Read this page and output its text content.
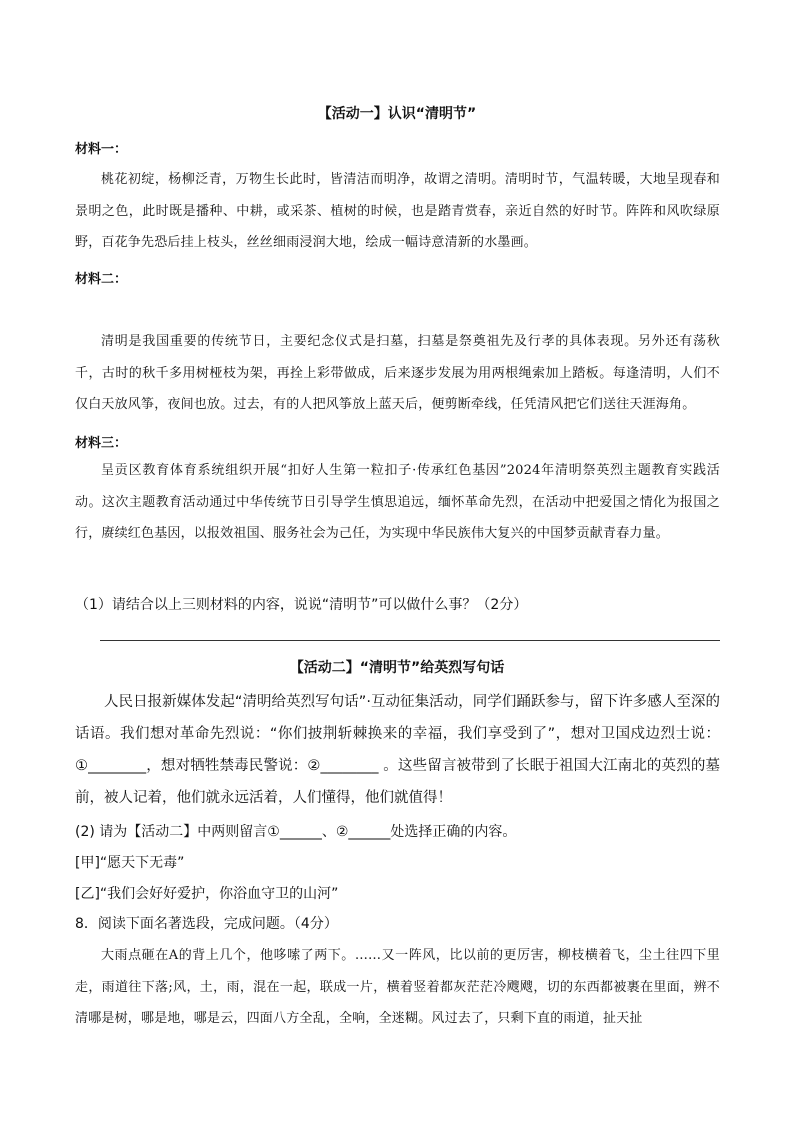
【活动一】认识“清明节”
材料一：

桃花初绽，杨柳泛青，万物生长此时，皆清洁而明净，故谓之清明。清明时节，气温转暖，大地呈现春和景明之色，此时既是播种、中耕，或采茶、植树的时候，也是踏青赏春，亲近自然的好时节。阵阵和风吹绿原野，百花争先恐后挂上枝头，丝丝细雨浸润大地，绘成一幅诗意清新的水墨画。

材料二：

清明是我国重要的传统节日，主要纪念仪式是扫墓，扫墓是祭奠祖先及行孝的具体表现。另外还有荡秋千，古时的秋千多用树桠枝为架，再拴上彩带做成，后来逐步发展为用两根绳索加上踏板。每逢清明，人们不仅白天放风筝，夜间也放。过去，有的人把风筝放上蓝天后，便剪断牵线，任凭清风把它们送往天涯海角。

材料三：

呈贡区教育体育系统组织开展“扣好人生第一粒扣子·传承红色基因”2024年清明祭英烈主题教育实践活动。这次主题教育活动通过中华传统节日引导学生慎思追远，缅怀革命先烈，在活动中把爱国之情化为报国之行，赓续红色基因，以报效祖国、服务社会为己任，为实现中华民族伟大复兴的中国梦贡献青春力量。

（1）请结合以上三则材料的内容，说说“清明节”可以做什么事？（2分）
【活动二】“清明节”给英烈写句话

人民日报新媒体发起“清明给英烈写句话”·互动征集活动，同学们踊跃参与，留下许多感人至深的话语。我们想对革命先烈说：“你们披荆斩棘换来的幸福，我们享受到了”，想对卫国戍边烈士说：①________，想对牺牲禁毒民警说：②________ 。这些留言被带到了长眠于祖国大江南北的英烈的墓前，被人记着，他们就永远活着，人们懂得，他们就值得！

(2) 请为【活动二】中两则留言①______、②______处选择正确的内容。
[甲]“愿天下无毒”
[乙]“我们会好好爱护，你浴血守卫的山河”
8．阅读下面名著选段，完成问题。（4分）

大雨点砸在A的背上几个，他哆嗦了两下。……又一阵风，比以前的更厉害，柳枝横着飞，尘土往四下里走，雨道往下落;风，土，雨，混在一起，联成一片，横着竖着都灰茫茫冷飕飕，切的东西都被裹在里面，辨不清哪是树，哪是地，哪是云，四面八方全乱，全响，全迷糊。风过去了，只剩下直的雨道，扯天扯
